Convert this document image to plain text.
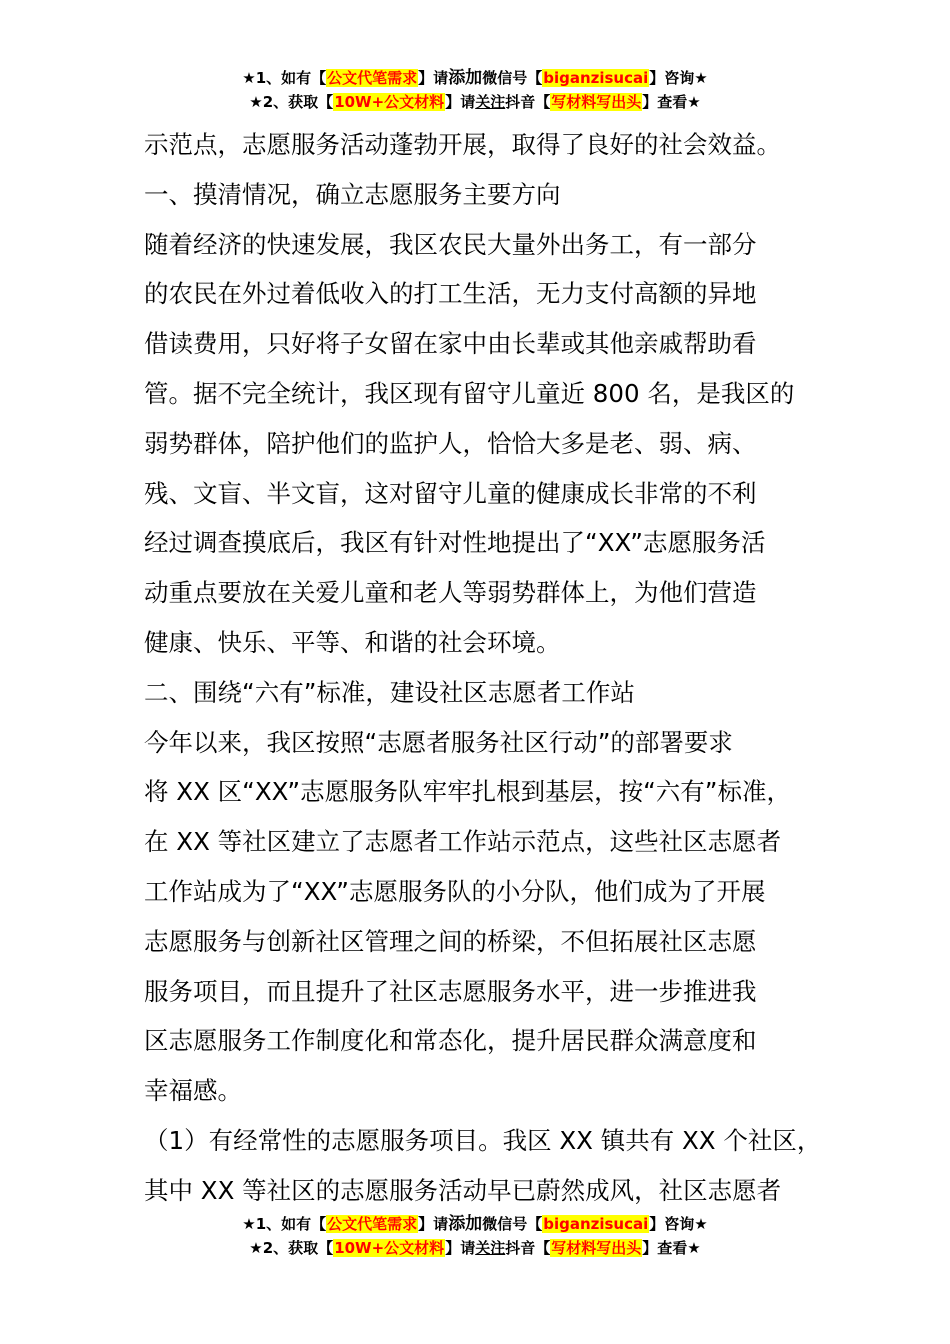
★1、如有【公文代笔需求】请添加微信号【biganzisucai】咨询★
★2、获取【10W+公文材料】请关注抖音【写材料写出头】查看★
示范点，志愿服务活动蓬勃开展，取得了良好的社会效益。
一、摸清情况，确立志愿服务主要方向
随着经济的快速发展，我区农民大量外出务工，有一部分
的农民在外过着低收入的打工生活，无力支付高额的异地
借读费用，只好将子女留在家中由长辈或其他亲戚帮助看
管。据不完全统计，我区现有留守儿童近 800 名，是我区的
弱势群体，陪护他们的监护人，恰恰大多是老、弱、病、
残、文盲、半文盲，这对留守儿童的健康成长非常的不利
经过调查摸底后，我区有针对性地提出了“XX”志愿服务活
动重点要放在关爱儿童和老人等弱势群体上，为他们营造
健康、快乐、平等、和谐的社会环境。
二、围绕“六有”标准，建设社区志愿者工作站
今年以来，我区按照“志愿者服务社区行动”的部署要求
将 XX 区“XX”志愿服务队牢牢扎根到基层，按“六有”标准，
在 XX 等社区建立了志愿者工作站示范点，这些社区志愿者
工作站成为了“XX”志愿服务队的小分队，他们成为了开展
志愿服务与创新社区管理之间的桥梁，不但拓展社区志愿
服务项目，而且提升了社区志愿服务水平，进一步推进我
区志愿服务工作制度化和常态化，提升居民群众满意度和
幸福感。
（1）有经常性的志愿服务项目。我区 XX 镇共有 XX 个社区，
其中 XX 等社区的志愿服务活动早已蔚然成风，社区志愿者
★1、如有【公文代笔需求】请添加微信号【biganzisucai】咨询★
★2、获取【10W+公文材料】请关注抖音【写材料写出头】查看★
